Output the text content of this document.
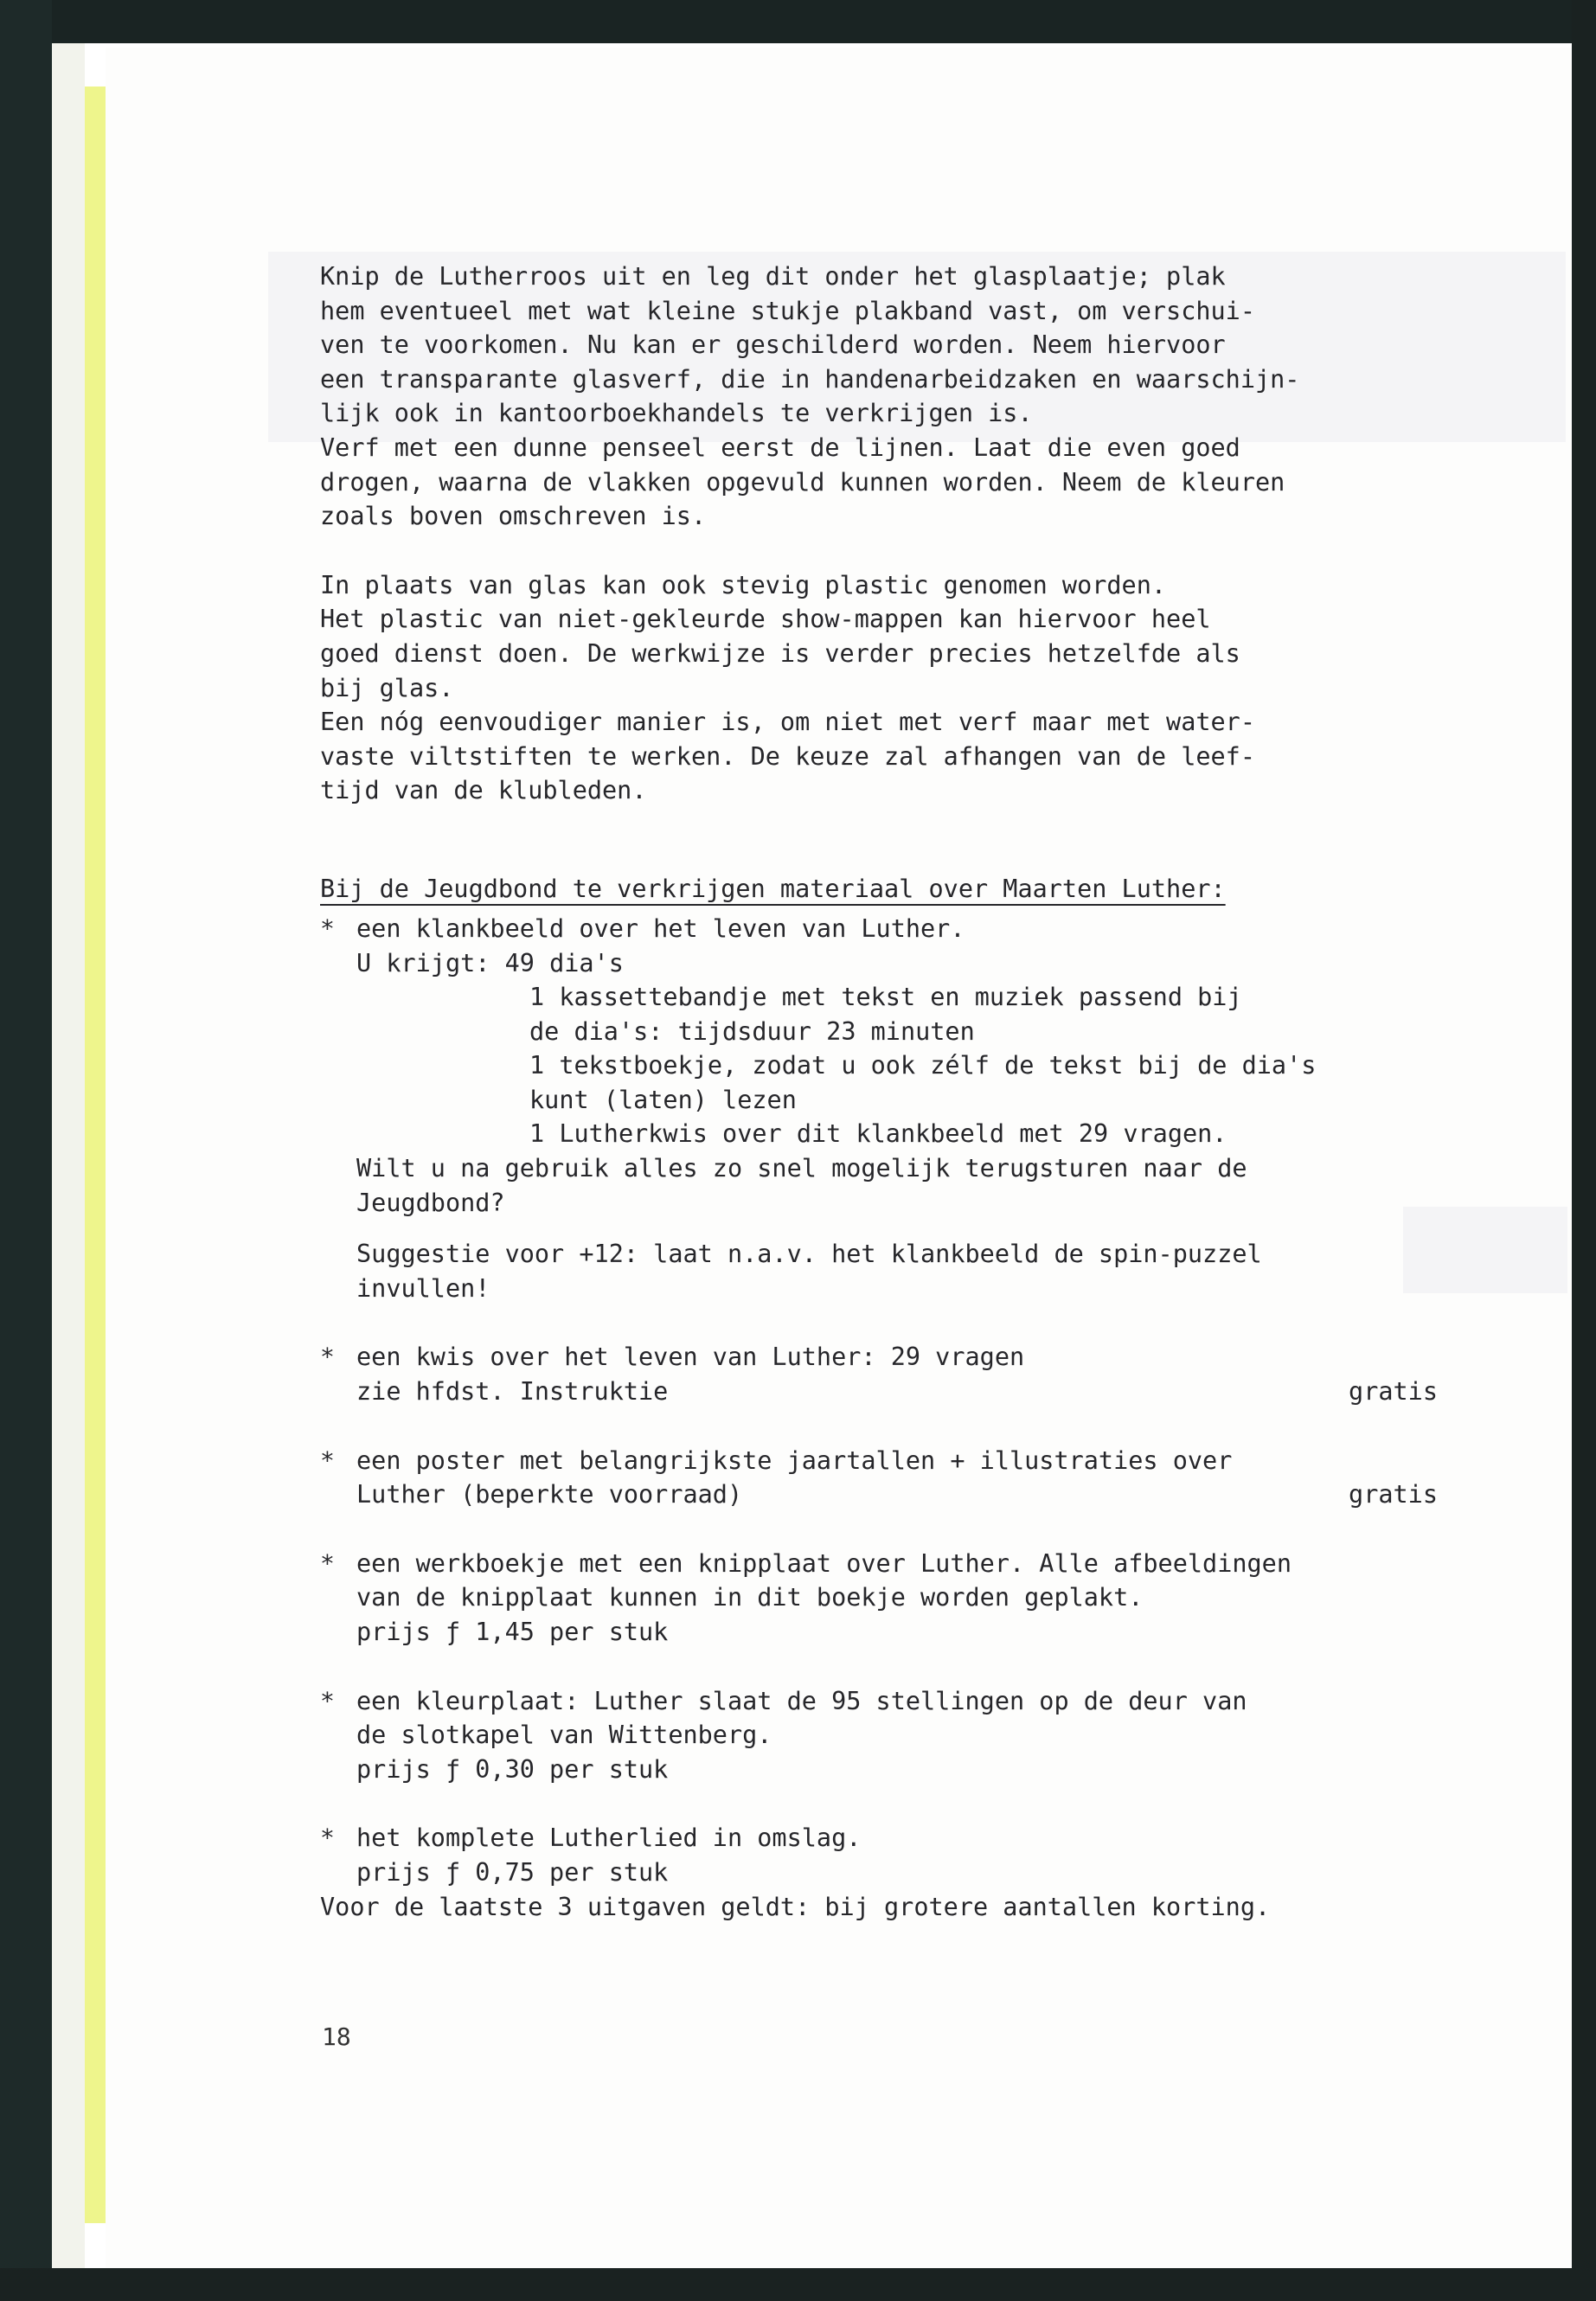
Knip de Lutherroos uit en leg dit onder het glasplaatje; plak
hem eventueel met wat kleine stukje plakband vast, om verschui-
ven te voorkomen. Nu kan er geschilderd worden. Neem hiervoor
een transparante glasverf, die in handenarbeidzaken en waarschijn-
lijk ook in kantoorboekhandels te verkrijgen is.
Verf met een dunne penseel eerst de lijnen. Laat die even goed
drogen, waarna de vlakken opgevuld kunnen worden. Neem de kleuren
zoals boven omschreven is.

In plaats van glas kan ook stevig plastic genomen worden.
Het plastic van niet-gekleurde show-mappen kan hiervoor heel
goed dienst doen. De werkwijze is verder precies hetzelfde als
bij glas.
Een nóg eenvoudiger manier is, om niet met verf maar met water-
vaste viltstiften te werken. De keuze zal afhangen van de leef-
tijd van de klubleden.

Bij de Jeugdbond te verkrijgen materiaal over Maarten Luther:

* een klankbeeld over het leven van Luther.
U krijgt: 49 dia's
1 kassettebandje met tekst en muziek passend bij
de dia's: tijdsduur 23 minuten
1 tekstboekje, zodat u ook zélf de tekst bij de dia's
kunt (laten) lezen
1 Lutherkwis over dit klankbeeld met 29 vragen.
Wilt u na gebruik alles zo snel mogelijk terugsturen naar de
Jeugdbond?
Suggestie voor +12: laat n.a.v. het klankbeeld de spin-puzzel
invullen!
* een kwis over het leven van Luther: 29 vragen
zie hfdst. Instruktie	gratis
* een poster met belangrijkste jaartallen + illustraties over
Luther (beperkte voorraad)	gratis
* een werkboekje met een knipplaat over Luther. Alle afbeeldingen
van de knipplaat kunnen in dit boekje worden geplakt.
prijs ƒ 1,45 per stuk
* een kleurplaat: Luther slaat de 95 stellingen op de deur van
de slotkapel van Wittenberg.
prijs ƒ 0,30 per stuk
* het komplete Lutherlied in omslag.
prijs ƒ 0,75 per stuk
Voor de laatste 3 uitgaven geldt: bij grotere aantallen korting.
18
